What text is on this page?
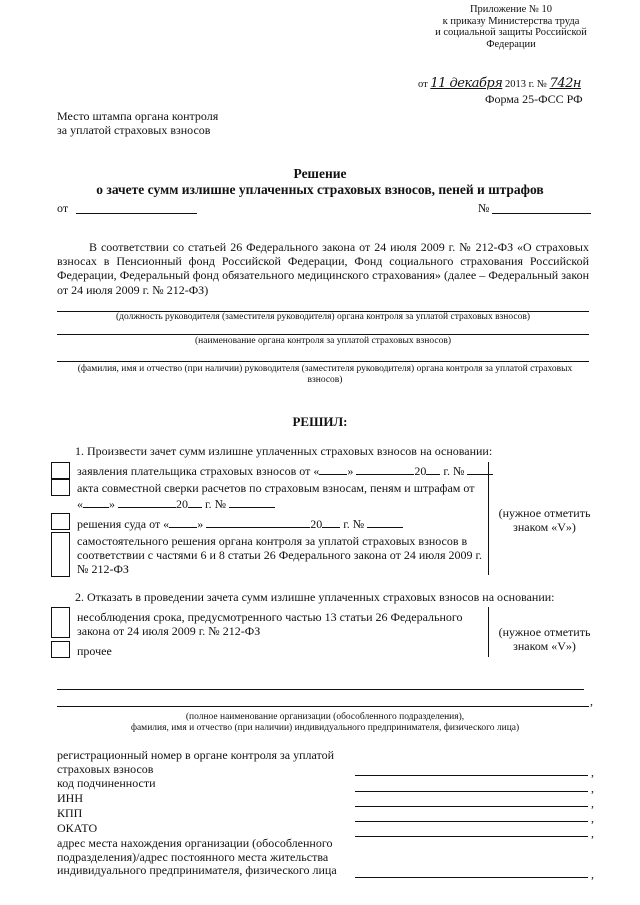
Приложение № 10
к приказу Министерства труда
и социальной защиты Российской
Федерации
от 11 декабря 2013 г. № 742н
Форма 25-ФСС РФ
Место штампа органа контроля
за уплатой страховых взносов
Решение
о зачете сумм излишне уплаченных страховых взносов, пеней и штрафов
от	№
В соответствии со статьей 26 Федерального закона от 24 июля 2009 г. № 212-ФЗ «О страховых взносах в Пенсионный фонд Российской Федерации, Фонд социального страхования Российской Федерации, Федеральный фонд обязательного медицинского страхования» (далее – Федеральный закон от 24 июля 2009 г. № 212-ФЗ)
(должность руководителя (заместителя руководителя) органа контроля за уплатой страховых взносов)
(наименование органа контроля за уплатой страховых взносов)
(фамилия, имя и отчество (при наличии) руководителя (заместителя руководителя) органа контроля за уплатой страховых взносов)
РЕШИЛ:
1. Произвести зачет сумм излишне уплаченных страховых взносов на основании:
заявления плательщика страховых взносов от « »	20 г. №
акта совместной сверки расчетов по страховым взносам, пеням и штрафам от
« »	20 г. №
решения суда от « »	20 г. №
самостоятельного решения органа контроля за уплатой страховых взносов в
соответствии с частями 6 и 8 статьи 26 Федерального закона от 24 июля 2009 г.
№ 212-ФЗ
(нужное отметить
знаком «V»)
2. Отказать в проведении зачета сумм излишне уплаченных страховых взносов на основании:
несоблюдения срока, предусмотренного частью 13 статьи 26 Федерального
закона от 24 июля 2009 г. № 212-ФЗ
прочее
(нужное отметить
знаком «V»)
,
(полное наименование организации (обособленного подразделения),
фамилия, имя и отчество (при наличии) индивидуального предпринимателя, физического лица)
регистрационный номер в органе контроля за уплатой
страховых взносов	,
код подчиненности	,
ИНН	,
КПП	,
ОКАТО	,
адрес места нахождения организации (обособленного
подразделения)/адрес постоянного места жительства
индивидуального предпринимателя, физического лица	,
